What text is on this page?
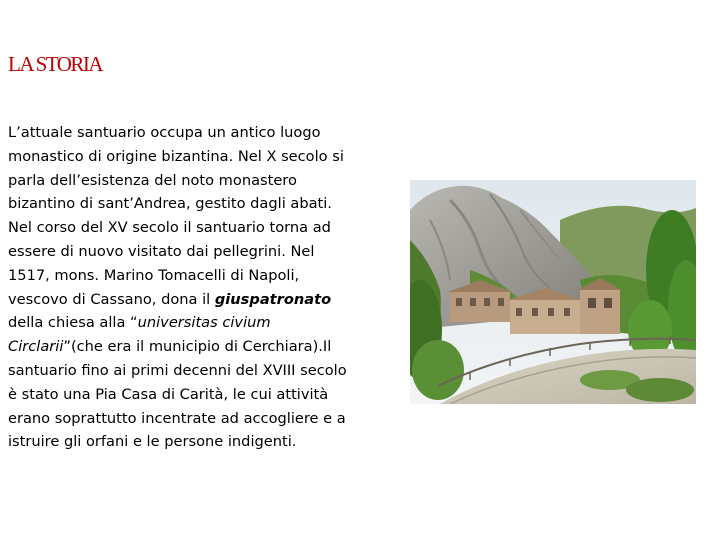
LA STORIA

L’attuale santuario occupa un antico luogo monastico di origine bizantina. Nel X secolo si parla dell’esistenza del noto monastero bizantino di sant’Andrea, gestito dagli abati. Nel corso del XV secolo il santuario torna ad essere di nuovo visitato dai pellegrini. Nel 1517, mons. Marino Tomacelli di Napoli, vescovo di Cassano, dona il giuspatronato della chiesa alla “universitas civium Circlarii”(che era il municipio di Cerchiara).Il santuario fino ai primi decenni del XVIII secolo è stato una Pia Casa di Carità, le cui attività erano soprattutto incentrate ad accogliere e a istruire gli orfani e le persone indigenti.
